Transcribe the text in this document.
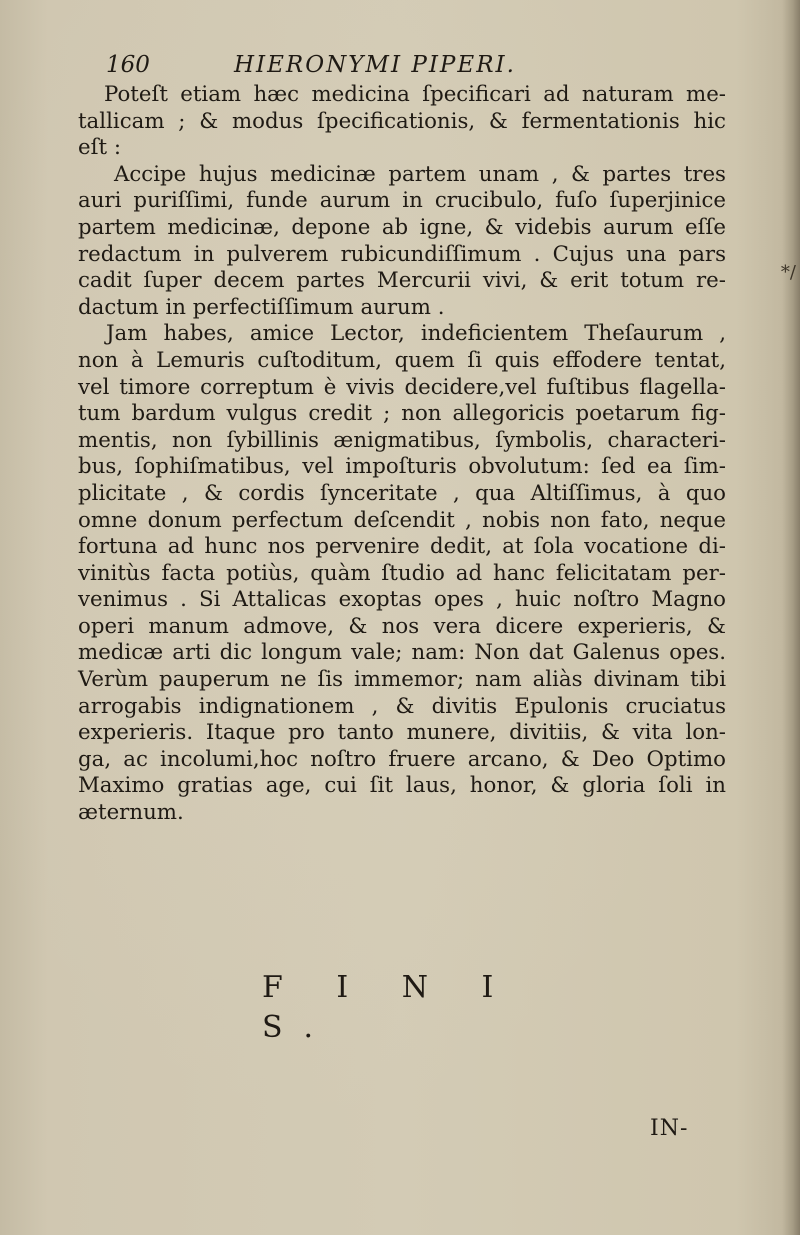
*/
160	HIERONYMI PIPERI.
Poteſt etiam hæc medicina ſpecificari ad naturam me-
tallicam ; & modus ſpecificationis, & fermentationis hic
eſt :
Accipe hujus medicinæ partem unam , & partes tres
auri puriſſimi, funde aurum in crucibulo, fuſo ſuperjinice
partem medicinæ, depone ab igne, & videbis aurum eſſe
redactum in pulverem rubicundiſſimum . Cujus una pars
cadit ſuper decem partes Mercurii vivi, & erit totum re-
dactum in perfectiſſimum aurum .
Jam habes, amice Lector, indeficientem Theſaurum ,
non à Lemuris cuſtoditum, quem ſi quis effodere tentat,
vel timore correptum è vivis decidere,vel fuſtibus flagella-
tum bardum vulgus credit ; non allegoricis poetarum fig-
mentis, non ſybillinis ænigmatibus, ſymbolis, characteri-
bus, ſophiſmatibus, vel impoſturis obvolutum: ſed ea ſim-
plicitate , & cordis ſynceritate , qua Altiſſimus, à quo
omne donum perfectum deſcendit , nobis non fato, neque
fortuna ad hunc nos pervenire dedit, at ſola vocatione di-
vinitùs facta potiùs, quàm ſtudio ad hanc felicitatam per-
venimus . Si Attalicas exoptas opes , huic noſtro Magno
operi manum admove, & nos vera dicere experieris, &
medicæ arti dic longum vale; nam: Non dat Galenus opes.
Verùm pauperum ne ſis immemor; nam aliàs divinam tibi
arrogabis indignationem , & divitis Epulonis cruciatus
experieris. Itaque pro tanto munere, divitiis, & vita lon-
ga, ac incolumi,hoc noſtro fruere arcano, & Deo Optimo
Maximo gratias age, cui ſit laus, honor, & gloria ſoli in
æternum.
F I N I S.
IN-
